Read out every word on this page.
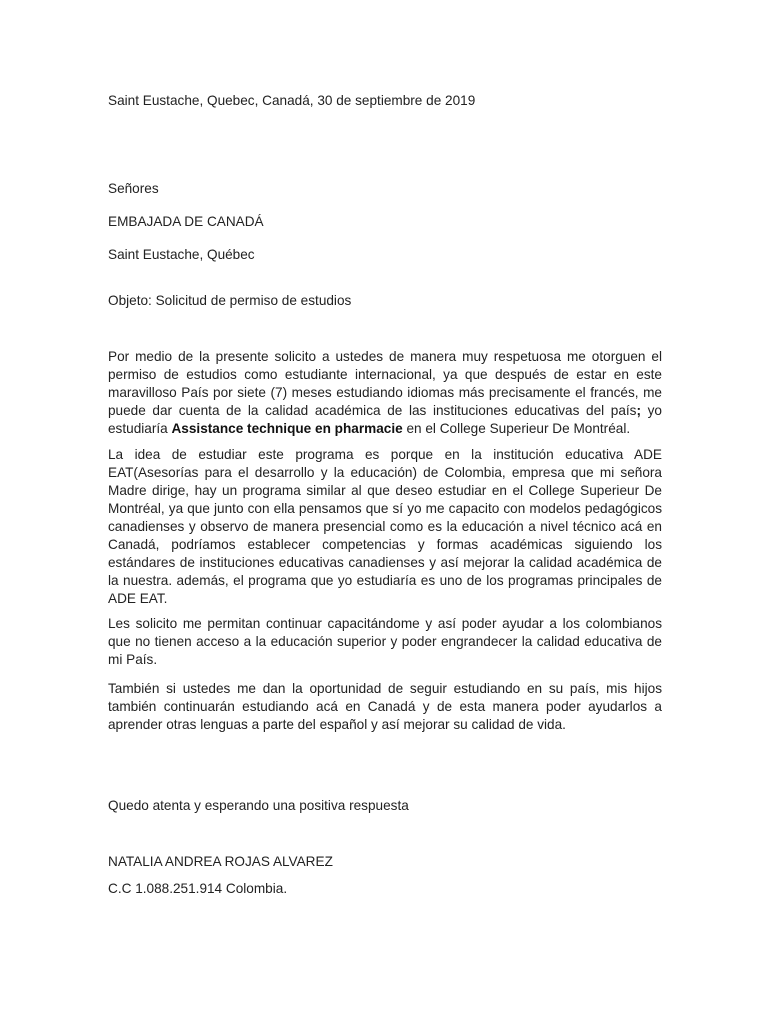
Saint Eustache, Quebec, Canadá, 30 de septiembre de 2019

Señores

EMBAJADA DE CANADÁ

Saint Eustache, Québec

Objeto: Solicitud de permiso de estudios

Por medio de la presente solicito a ustedes de manera muy respetuosa me otorguen el permiso de estudios como estudiante internacional, ya que después de estar en este maravilloso País por siete (7) meses estudiando idiomas más precisamente el francés, me puede dar cuenta de la calidad académica de las instituciones educativas del país; yo estudiaría Assistance technique en pharmacie en el College Superieur De Montréal.

La idea de estudiar este programa es porque en la institución educativa ADE EAT(Asesorías para el desarrollo y la educación) de Colombia, empresa que mi señora Madre dirige, hay un programa similar al que deseo estudiar en el College Superieur De Montréal, ya que junto con ella pensamos que sí yo me capacito con modelos pedagógicos canadienses y observo de manera presencial como es la educación a nivel técnico acá en Canadá, podríamos establecer competencias y formas académicas siguiendo los estándares de instituciones educativas canadienses y así mejorar la calidad académica de la nuestra. además, el programa que yo estudiaría es uno de los programas principales de ADE EAT.

Les solicito me permitan continuar capacitándome y así poder ayudar a los colombianos que no tienen acceso a la educación superior y poder engrandecer la calidad educativa de mi País.

También si ustedes me dan la oportunidad de seguir estudiando en su país, mis hijos también continuarán estudiando acá en Canadá y de esta manera poder ayudarlos a aprender otras lenguas a parte del español y así mejorar su calidad de vida.

Quedo atenta y esperando una positiva respuesta

NATALIA ANDREA ROJAS ALVAREZ

C.C 1.088.251.914 Colombia.
